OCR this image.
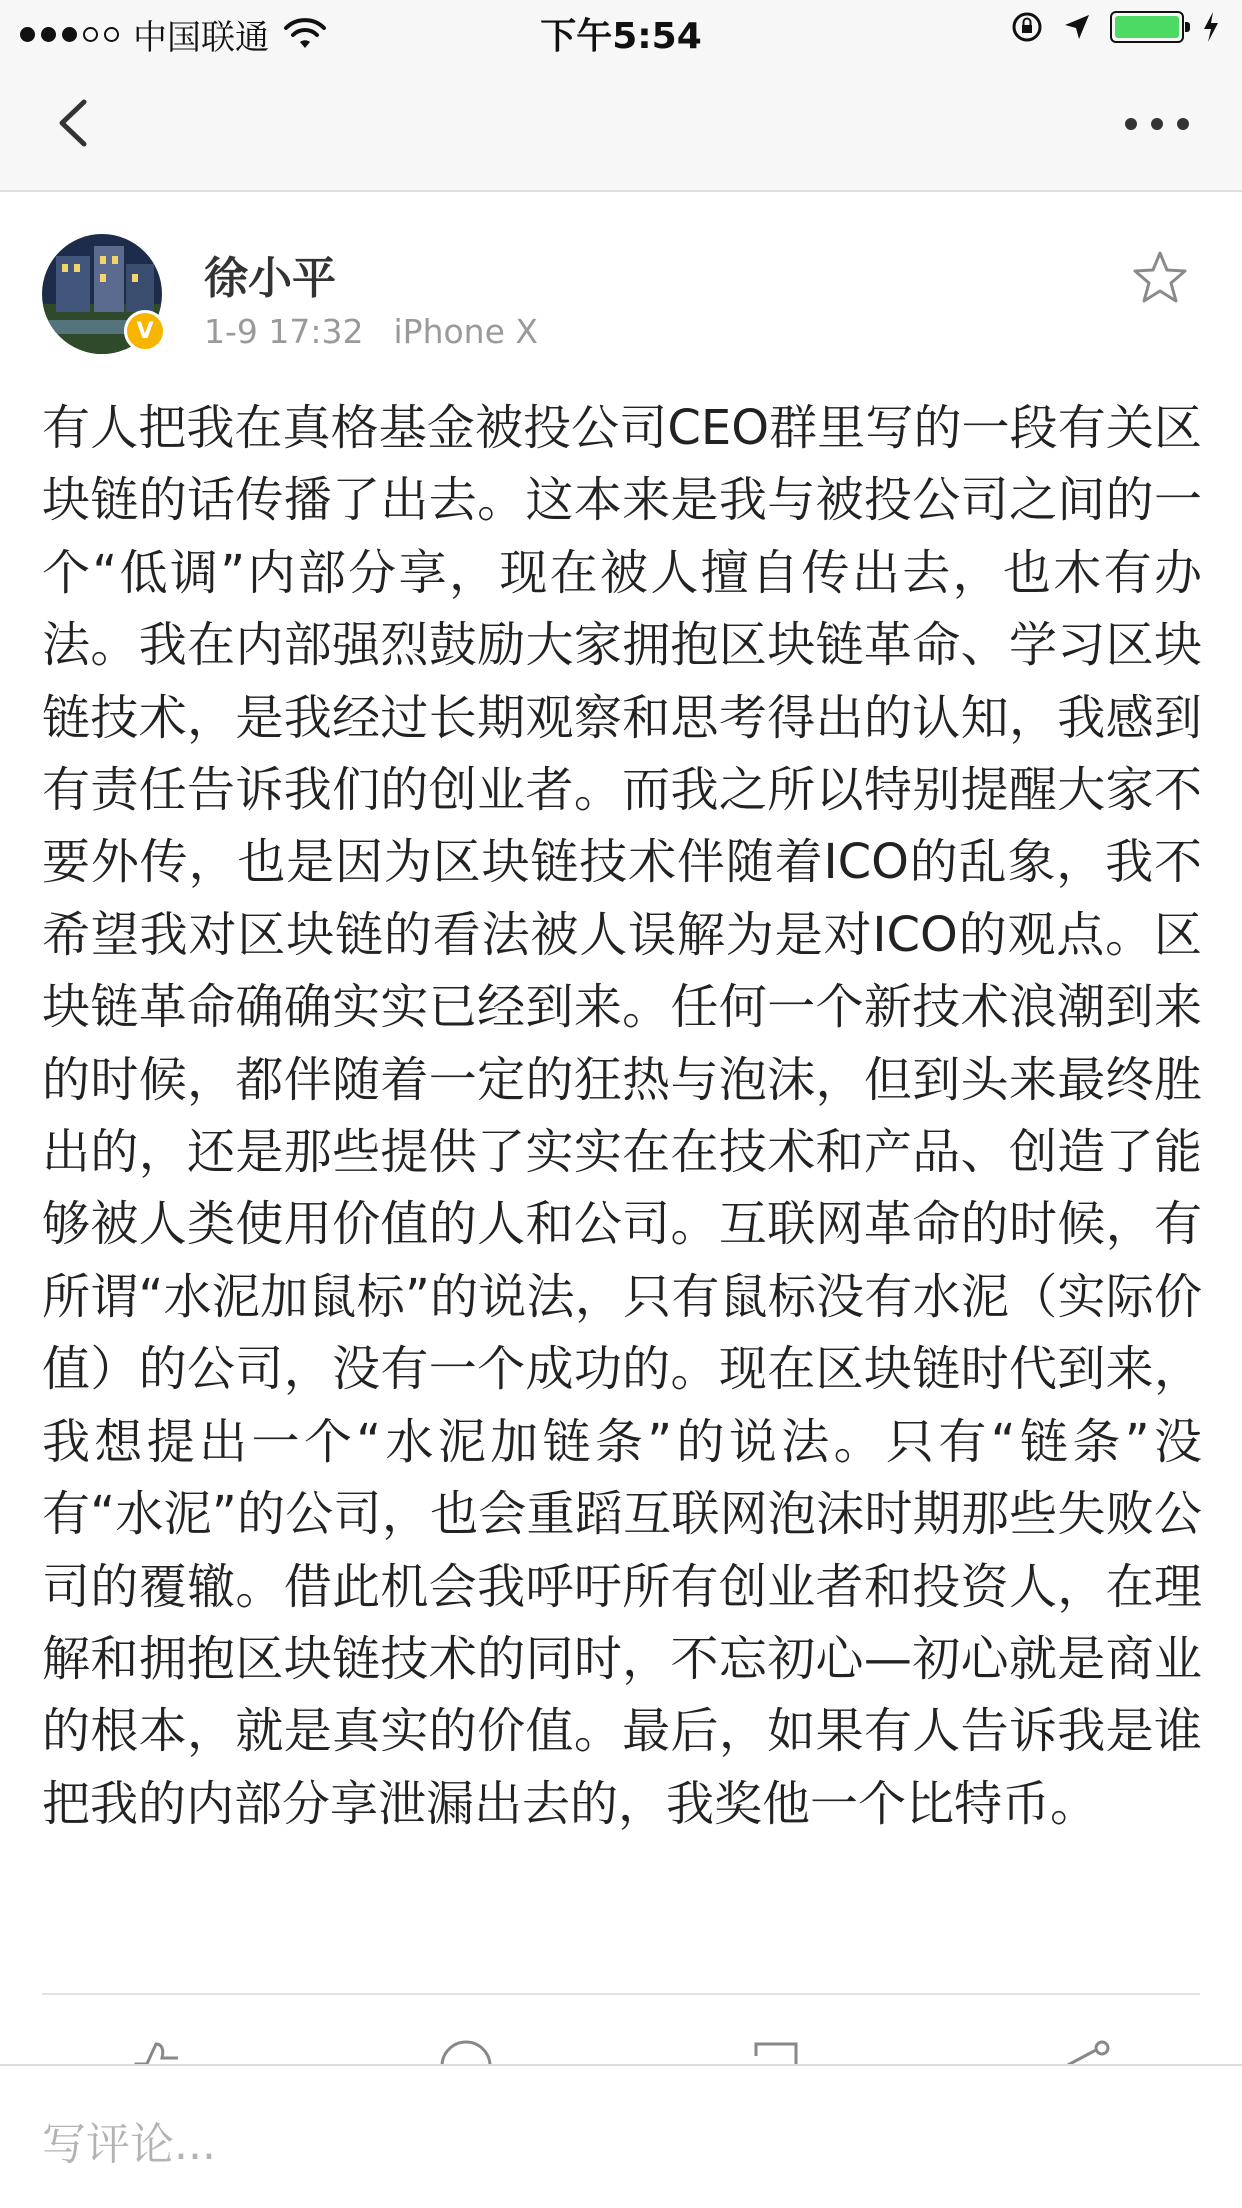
中国联通	下午5:54
V
徐小平
1-9 17:32 iPhone X
有人把我在真格基金被投公司CEO群里写的一段有关区块链的话传播了出去。这本来是我与被投公司之间的一个“低调”内部分享，现在被人擅自传出去，也木有办法。我在内部强烈鼓励大家拥抱区块链革命、学习区块链技术，是我经过长期观察和思考得出的认知，我感到有责任告诉我们的创业者。而我之所以特别提醒大家不要外传，也是因为区块链技术伴随着ICO的乱象，我不希望我对区块链的看法被人误解为是对ICO的观点。区块链革命确确实实已经到来。任何一个新技术浪潮到来的时候，都伴随着一定的狂热与泡沫，但到头来最终胜出的，还是那些提供了实实在在技术和产品、创造了能够被人类使用价值的人和公司。互联网革命的时候，有所谓“水泥加鼠标”的说法，只有鼠标没有水泥（实际价值）的公司，没有一个成功的。现在区块链时代到来，我想提出一个“水泥加链条”的说法。只有“链条”没有“水泥”的公司，也会重蹈互联网泡沫时期那些失败公司的覆辙。借此机会我呼吁所有创业者和投资人，在理解和拥抱区块链技术的同时，不忘初心—初心就是商业的根本，就是真实的价值。最后，如果有人告诉我是谁把我的内部分享泄漏出去的，我奖他一个比特币。
写评论...
